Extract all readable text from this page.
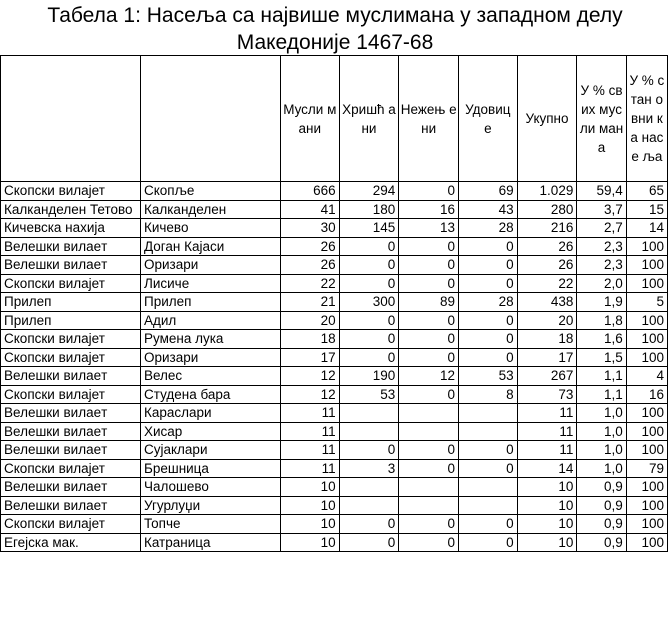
Табела 1: Насеља са највише муслимана у западном делу
Македоније 1467-68
		Мусли мани	Хришћ ани	Нежењ ени	Удовиц е	Укупно	У % свих мусли мана	У % стан овни ка насе ља
Скопски вилајет	Скопље	666	294	0	69	1.029	59,4	65
Калканделен Тетово	Калканделен	41	180	16	43	280	3,7	15
Кичевска нахија	Кичево	30	145	13	28	216	2,7	14
Велешки вилаeт	Доган Кајаси	26	0	0	0	26	2,3	100
Велешки вилаeт	Оризари	26	0	0	0	26	2,3	100
Скопски вилајет	Лисиче	22	0	0	0	22	2,0	100
Прилеп	Прилеп	21	300	89	28	438	1,9	5
Прилеп	Адил	20	0	0	0	20	1,8	100
Скопски вилајет	Румена лука	18	0	0	0	18	1,6	100
Скопски вилајет	Оризари	17	0	0	0	17	1,5	100
Велешки вилаeт	Велес	12	190	12	53	267	1,1	4
Скопски вилајет	Студена бара	12	53	0	8	73	1,1	16
Велешки вилаeт	Караслари	11				11	1,0	100
Велешки вилаeт	Хисар	11				11	1,0	100
Велешки вилаeт	Сујаклари	11	0	0	0	11	1,0	100
Скопски вилајет	Брешница	11	3	0	0	14	1,0	79
Велешки вилаeт	Чалошево	10				10	0,9	100
Велешки вилаeт	Угурлуџи	10				10	0,9	100
Скопски вилајет	Топче	10	0	0	0	10	0,9	100
Егејска мак.	Катраница	10	0	0	0	10	0,9	100
